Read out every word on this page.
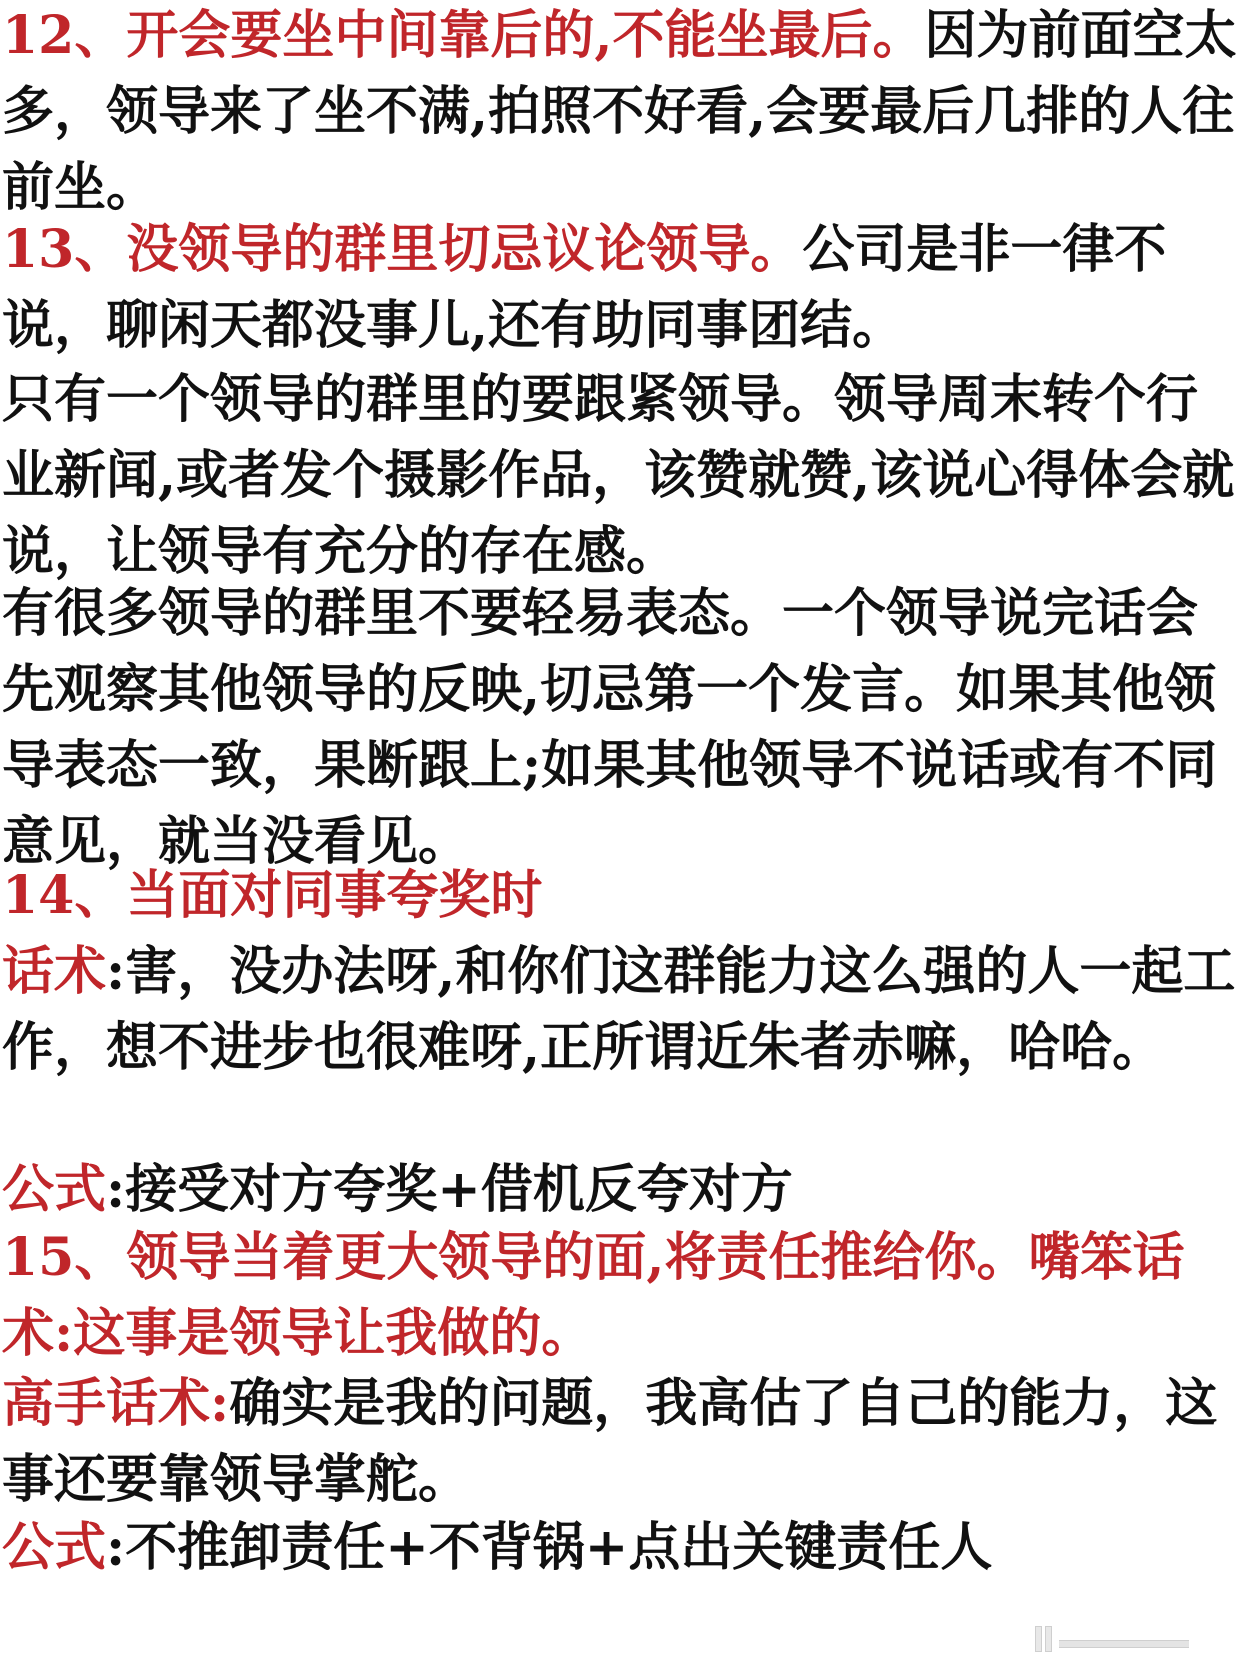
12、开会要坐中间靠后的,不能坐最后。因为前面空太多，领导来了坐不满,拍照不好看,会要最后几排的人往前坐。

13、没领导的群里切忌议论领导。公司是非一律不说，聊闲天都没事儿,还有助同事团结。

只有一个领导的群里的要跟紧领导。领导周末转个行业新闻,或者发个摄影作品，该赞就赞,该说心得体会就说，让领导有充分的存在感。

有很多领导的群里不要轻易表态。一个领导说完话会先观察其他领导的反映,切忌第一个发言。如果其他领导表态一致，果断跟上;如果其他领导不说话或有不同意见，就当没看见。

14、当面对同事夸奖时

话术:害，没办法呀,和你们这群能力这么强的人一起工作，想不进步也很难呀,正所谓近朱者赤嘛，哈哈。

公式:接受对方夸奖+借机反夸对方

15、领导当着更大领导的面,将责任推给你。嘴笨话术:这事是领导让我做的。

高手话术:确实是我的问题，我高估了自己的能力，这事还要靠领导掌舵。

公式:不推卸责任+不背锅+点出关键责任人
